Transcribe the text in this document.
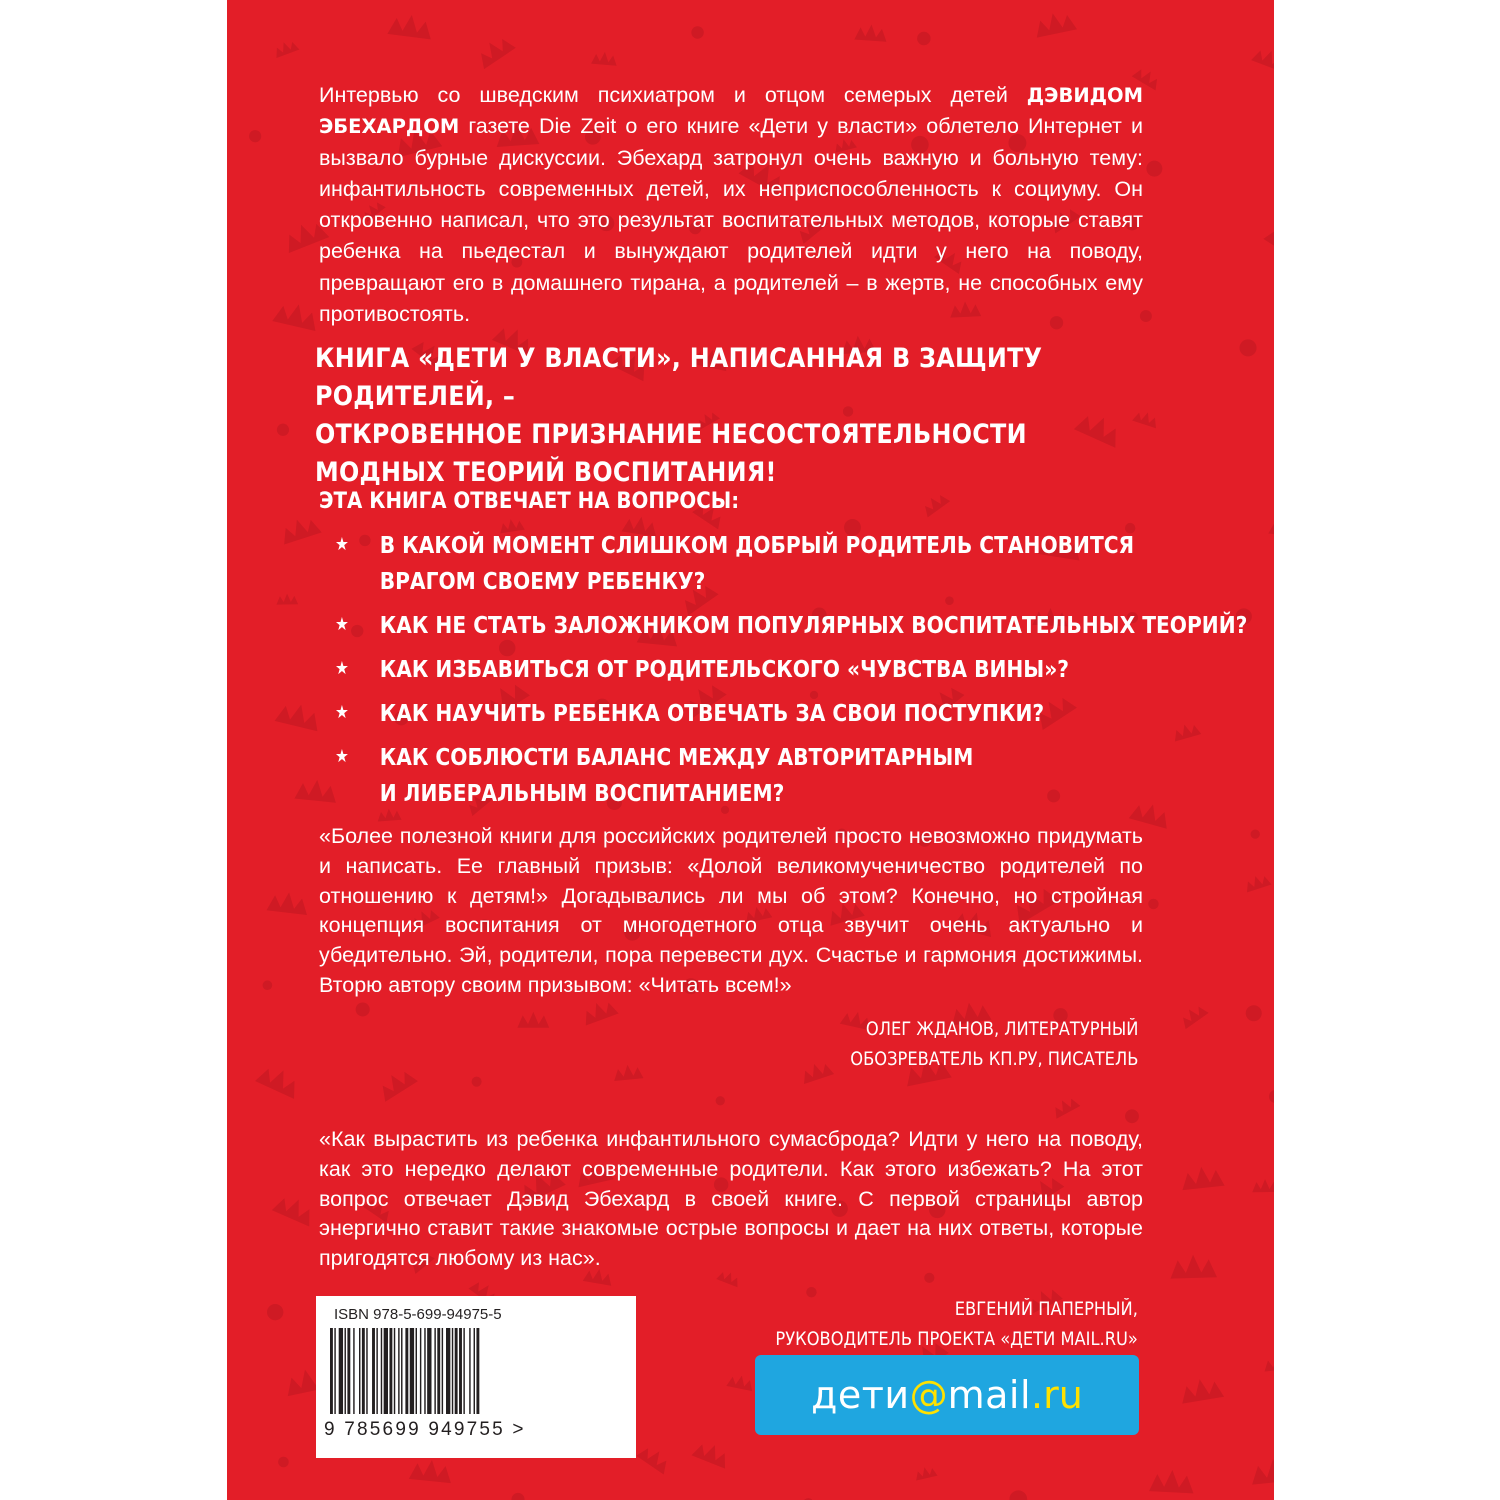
Интервью со шведским психиатром и отцом семерых детей ДЭВИДОМ ЭБЕХАРДОМ газете Die Zeit о его книге «Дети у власти» облетело Интернет и вызвало бурные дискуссии. Эбехард затронул очень важную и больную тему: инфантильность современных детей, их неприспособленность к социуму. Он откровенно написал, что это результат воспитательных методов, которые ставят ребенка на пьедестал и вынуждают родителей идти у него на поводу, превращают его в домашнего тирана, а родителей – в жертв, не способных ему противостоять.

КНИГА «ДЕТИ У ВЛАСТИ», НАПИСАННАЯ В ЗАЩИТУ РОДИТЕЛЕЙ, –
ОТКРОВЕННОЕ ПРИЗНАНИЕ НЕСОСТОЯТЕЛЬНОСТИ
МОДНЫХ ТЕОРИЙ ВОСПИТАНИЯ!
ЭТА КНИГА ОТВЕЧАЕТ НА ВОПРОСЫ:
★ В КАКОЙ МОМЕНТ СЛИШКОМ ДОБРЫЙ РОДИТЕЛЬ СТАНОВИТСЯ
ВРАГОМ СВОЕМУ РЕБЕНКУ?
★ КАК НЕ СТАТЬ ЗАЛОЖНИКОМ ПОПУЛЯРНЫХ ВОСПИТАТЕЛЬНЫХ ТЕОРИЙ?
★ КАК ИЗБАВИТЬСЯ ОТ РОДИТЕЛЬСКОГО «ЧУВСТВА ВИНЫ»?
★ КАК НАУЧИТЬ РЕБЕНКА ОТВЕЧАТЬ ЗА СВОИ ПОСТУПКИ?
★ КАК СОБЛЮСТИ БАЛАНС МЕЖДУ АВТОРИТАРНЫМ
И ЛИБЕРАЛЬНЫМ ВОСПИТАНИЕМ?

«Более полезной книги для российских родителей просто невозможно придумать и написать. Ее главный призыв: «Долой великомученичество родителей по отношению к детям!» Догадывались ли мы об этом? Конечно, но стройная концепция воспитания от многодетного отца звучит очень актуально и убедительно. Эй, родители, пора перевести дух. Счастье и гармония достижимы. Вторю автору своим призывом: «Читать всем!»

ОЛЕГ ЖДАНОВ, ЛИТЕРАТУРНЫЙ
ОБОЗРЕВАТЕЛЬ КП.РУ, ПИСАТЕЛЬ

«Как вырастить из ребенка инфантильного сумасброда? Идти у него на поводу, как это нередко делают современные родители. Как этого избежать? На этот вопрос отвечает Дэвид Эбехард в своей книге. С первой страницы автор энергично ставит такие знакомые острые вопросы и дает на них ответы, которые пригодятся любому из нас».

ЕВГЕНИЙ ПАПЕРНЫЙ,
РУКОВОДИТЕЛЬ ПРОЕКТА «ДЕТИ MAIL.RU»
ISBN 978-5-699-94975-5
9 785699 949755 >
дети @ mail .ru
